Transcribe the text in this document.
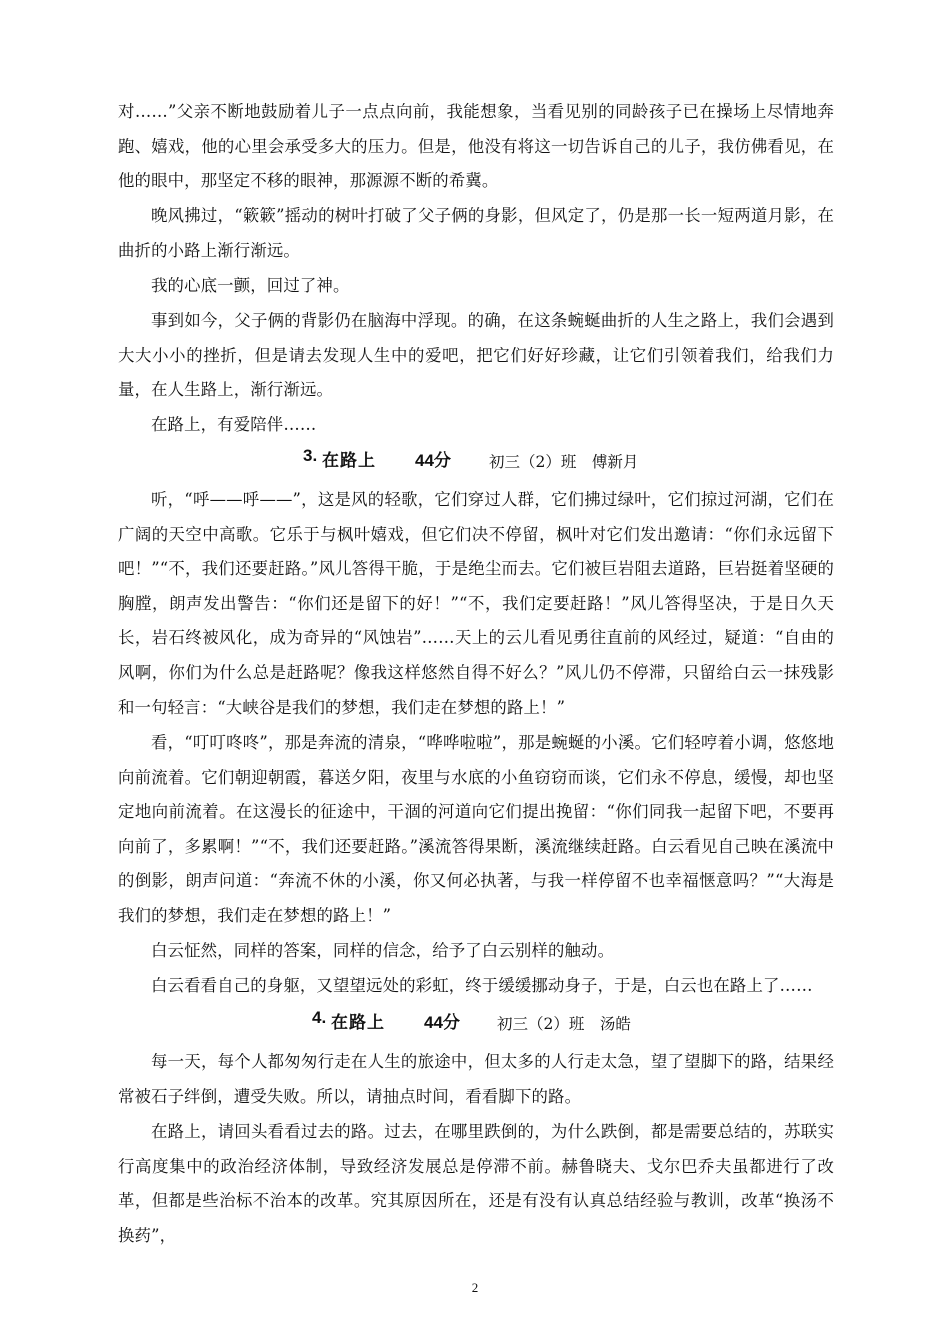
对……”父亲不断地鼓励着儿子一点点向前，我能想象，当看见别的同龄孩子已在操场上尽情地奔跑、嬉戏，他的心里会承受多大的压力。但是，他没有将这一切告诉自己的儿子，我仿佛看见，在他的眼中，那坚定不移的眼神，那源源不断的希冀。

晚风拂过，“簌簌”摇动的树叶打破了父子俩的身影，但风定了，仍是那一长一短两道月影，在曲折的小路上渐行渐远。

我的心底一颤，回过了神。

事到如今，父子俩的背影仍在脑海中浮现。的确，在这条蜿蜒曲折的人生之路上，我们会遇到大大小小的挫折，但是请去发现人生中的爱吧，把它们好好珍藏，让它们引领着我们，给我们力量，在人生路上，渐行渐远。

在路上，有爱陪伴……

3. 在路上 44分 初三（2）班　傅新月

听，“呼——呼——”，这是风的轻歌，它们穿过人群，它们拂过绿叶，它们掠过河湖，它们在广阔的天空中高歌。它乐于与枫叶嬉戏，但它们决不停留，枫叶对它们发出邀请：“你们永远留下吧！”“不，我们还要赶路。”风儿答得干脆，于是绝尘而去。它们被巨岩阻去道路，巨岩挺着坚硬的胸膛，朗声发出警告：“你们还是留下的好！”“不，我们定要赶路！”风儿答得坚决，于是日久天长，岩石终被风化，成为奇异的“风蚀岩”……天上的云儿看见勇往直前的风经过，疑道：“自由的风啊，你们为什么总是赶路呢？像我这样悠然自得不好么？”风儿仍不停滞，只留给白云一抹残影和一句轻言：“大峡谷是我们的梦想，我们走在梦想的路上！”

看，“叮叮咚咚”，那是奔流的清泉，“哗哗啦啦”，那是蜿蜒的小溪。它们轻哼着小调，悠悠地向前流着。它们朝迎朝霞，暮送夕阳，夜里与水底的小鱼窃窃而谈，它们永不停息，缓慢，却也坚定地向前流着。在这漫长的征途中，干涸的河道向它们提出挽留：“你们同我一起留下吧，不要再向前了，多累啊！”“不，我们还要赶路。”溪流答得果断，溪流继续赶路。白云看见自己映在溪流中的倒影，朗声问道：“奔流不休的小溪，你又何必执著，与我一样停留不也幸福惬意吗？”“大海是我们的梦想，我们走在梦想的路上！”

白云怔然，同样的答案，同样的信念，给予了白云别样的触动。

白云看看自己的身躯，又望望远处的彩虹，终于缓缓挪动身子，于是，白云也在路上了……

4. 在路上 44分 初三（2）班　汤皓

每一天，每个人都匆匆行走在人生的旅途中，但太多的人行走太急，望了望脚下的路，结果经常被石子绊倒，遭受失败。所以，请抽点时间，看看脚下的路。

在路上，请回头看看过去的路。过去，在哪里跌倒的，为什么跌倒，都是需要总结的，苏联实行高度集中的政治经济体制，导致经济发展总是停滞不前。赫鲁晓夫、戈尔巴乔夫虽都进行了改革，但都是些治标不治本的改革。究其原因所在，还是有没有认真总结经验与教训，改革“换汤不换药”，

2
